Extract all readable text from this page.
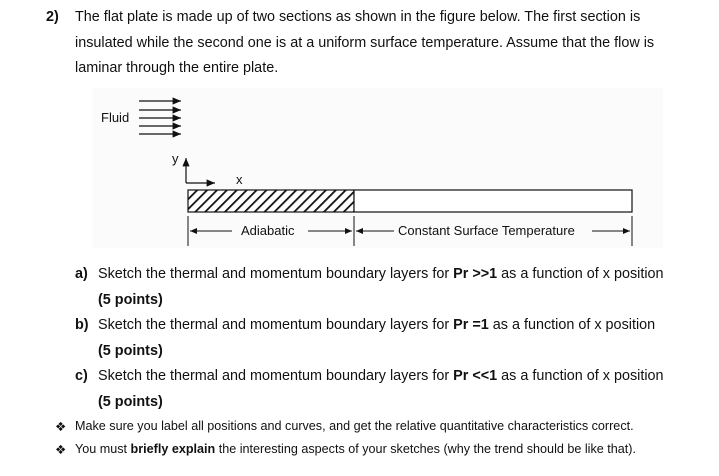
2) The flat plate is made up of two sections as shown in the figure below. The first section is
insulated while the second one is at a uniform surface temperature. Assume that the flow is
laminar through the entire plate.
Fluid
y
x
Adiabatic	Constant Surface Temperature
a) Sketch the thermal and momentum boundary layers for Pr >>1 as a function of x position
(5 points)
b) Sketch the thermal and momentum boundary layers for Pr =1 as a function of x position
(5 points)
c) Sketch the thermal and momentum boundary layers for Pr <<1 as a function of x position
(5 points)
❖ Make sure you label all positions and curves, and get the relative quantitative characteristics correct.
❖ You must briefly explain the interesting aspects of your sketches (why the trend should be like that).
